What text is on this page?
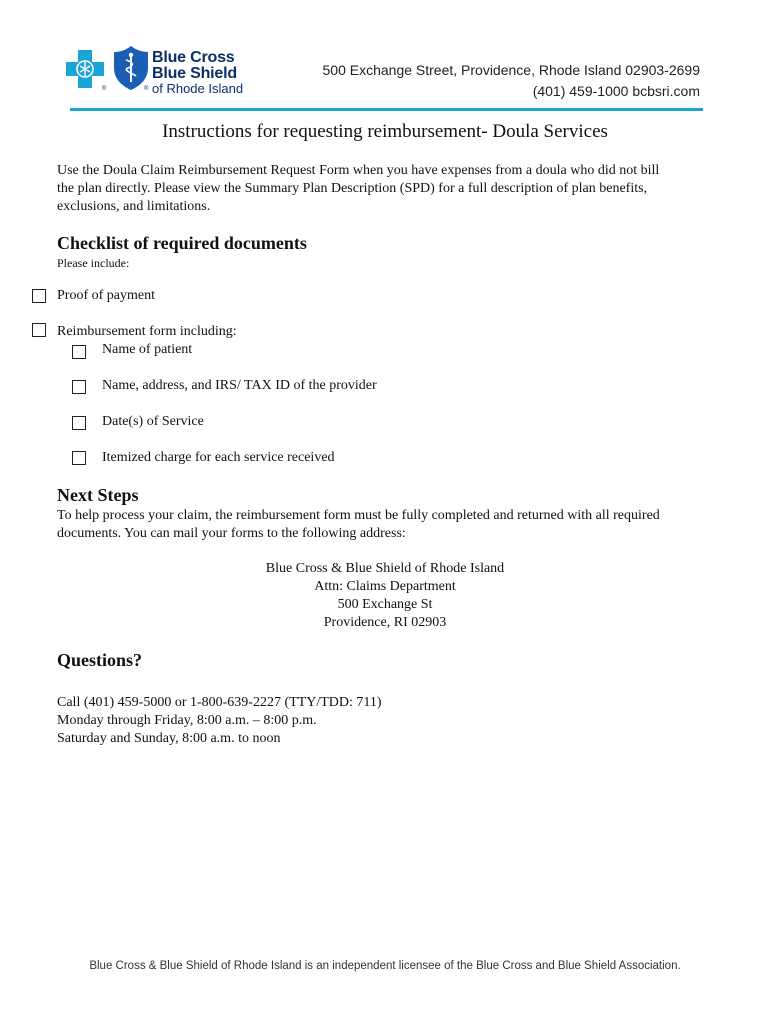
®	®
Blue Cross
Blue Shield
of Rhode Island
500 Exchange Street, Providence, Rhode Island 02903-2699
(401) 459-1000 bcbsri.com
Instructions for requesting reimbursement- Doula Services
Use the Doula Claim Reimbursement Request Form when you have expenses from a doula who did not bill
the plan directly. Please view the Summary Plan Description (SPD) for a full description of plan benefits,
exclusions, and limitations.
Checklist of required documents
Please include:
Proof of payment
Reimbursement form including:
Name of patient
Name, address, and IRS/ TAX ID of the provider
Date(s) of Service
Itemized charge for each service received
Next Steps
To help process your claim, the reimbursement form must be fully completed and returned with all required
documents. You can mail your forms to the following address:
Blue Cross & Blue Shield of Rhode Island
Attn: Claims Department
500 Exchange St
Providence, RI 02903
Questions?
Call (401) 459-5000 or 1-800-639-2227 (TTY/TDD: 711)
Monday through Friday, 8:00 a.m. – 8:00 p.m.
Saturday and Sunday, 8:00 a.m. to noon
Blue Cross & Blue Shield of Rhode Island is an independent licensee of the Blue Cross and Blue Shield Association.
